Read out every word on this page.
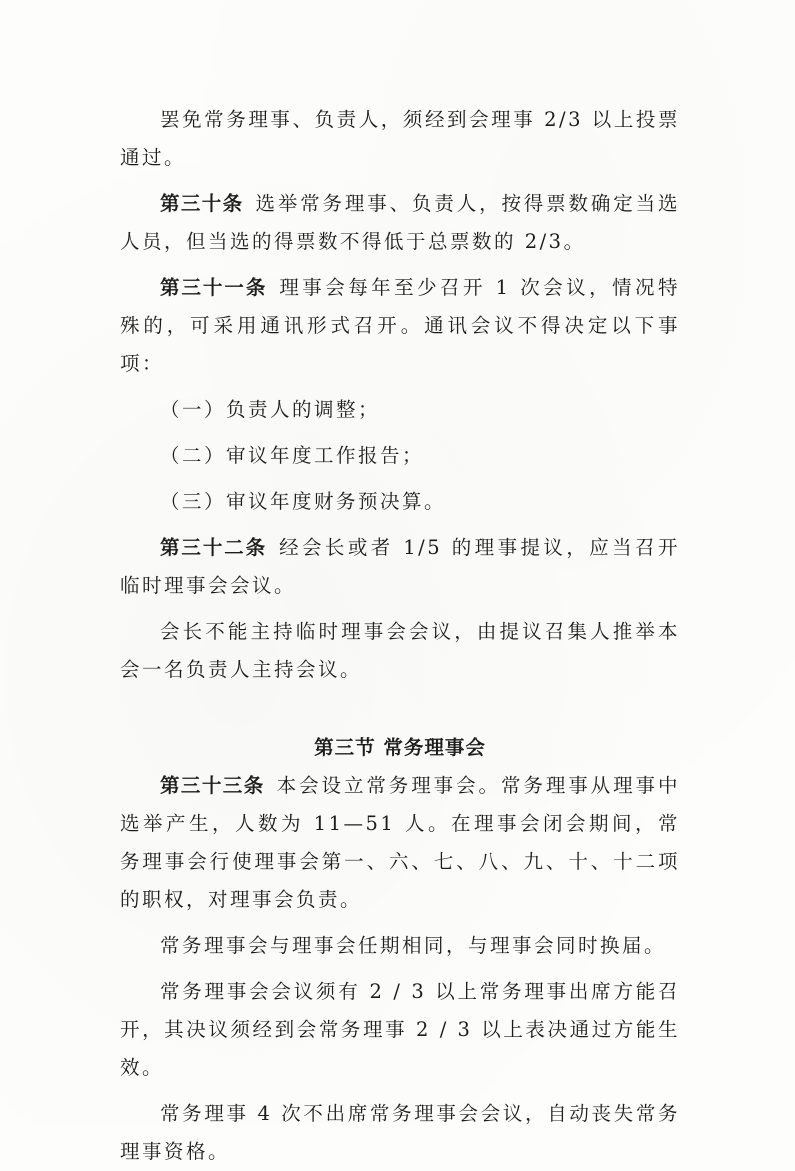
罢免常务理事、负责人，须经到会理事 2/3 以上投票通过。

第三十条 选举常务理事、负责人，按得票数确定当选人员，但当选的得票数不得低于总票数的 2/3。

第三十一条 理事会每年至少召开 1 次会议，情况特殊的，可采用通讯形式召开。通讯会议不得决定以下事项：

（一）负责人的调整；

（二）审议年度工作报告；

（三）审议年度财务预决算。

第三十二条 经会长或者 1/5 的理事提议，应当召开临时理事会会议。

会长不能主持临时理事会会议，由提议召集人推举本会一名负责人主持会议。

第三节 常务理事会

第三十三条 本会设立常务理事会。常务理事从理事中选举产生，人数为 11—51 人。在理事会闭会期间，常务理事会行使理事会第一、六、七、八、九、十、十二项的职权，对理事会负责。

常务理事会与理事会任期相同，与理事会同时换届。

常务理事会会议须有 2 / 3 以上常务理事出席方能召开，其决议须经到会常务理事 2 / 3 以上表决通过方能生效。

常务理事 4 次不出席常务理事会会议，自动丧失常务理事资格。
